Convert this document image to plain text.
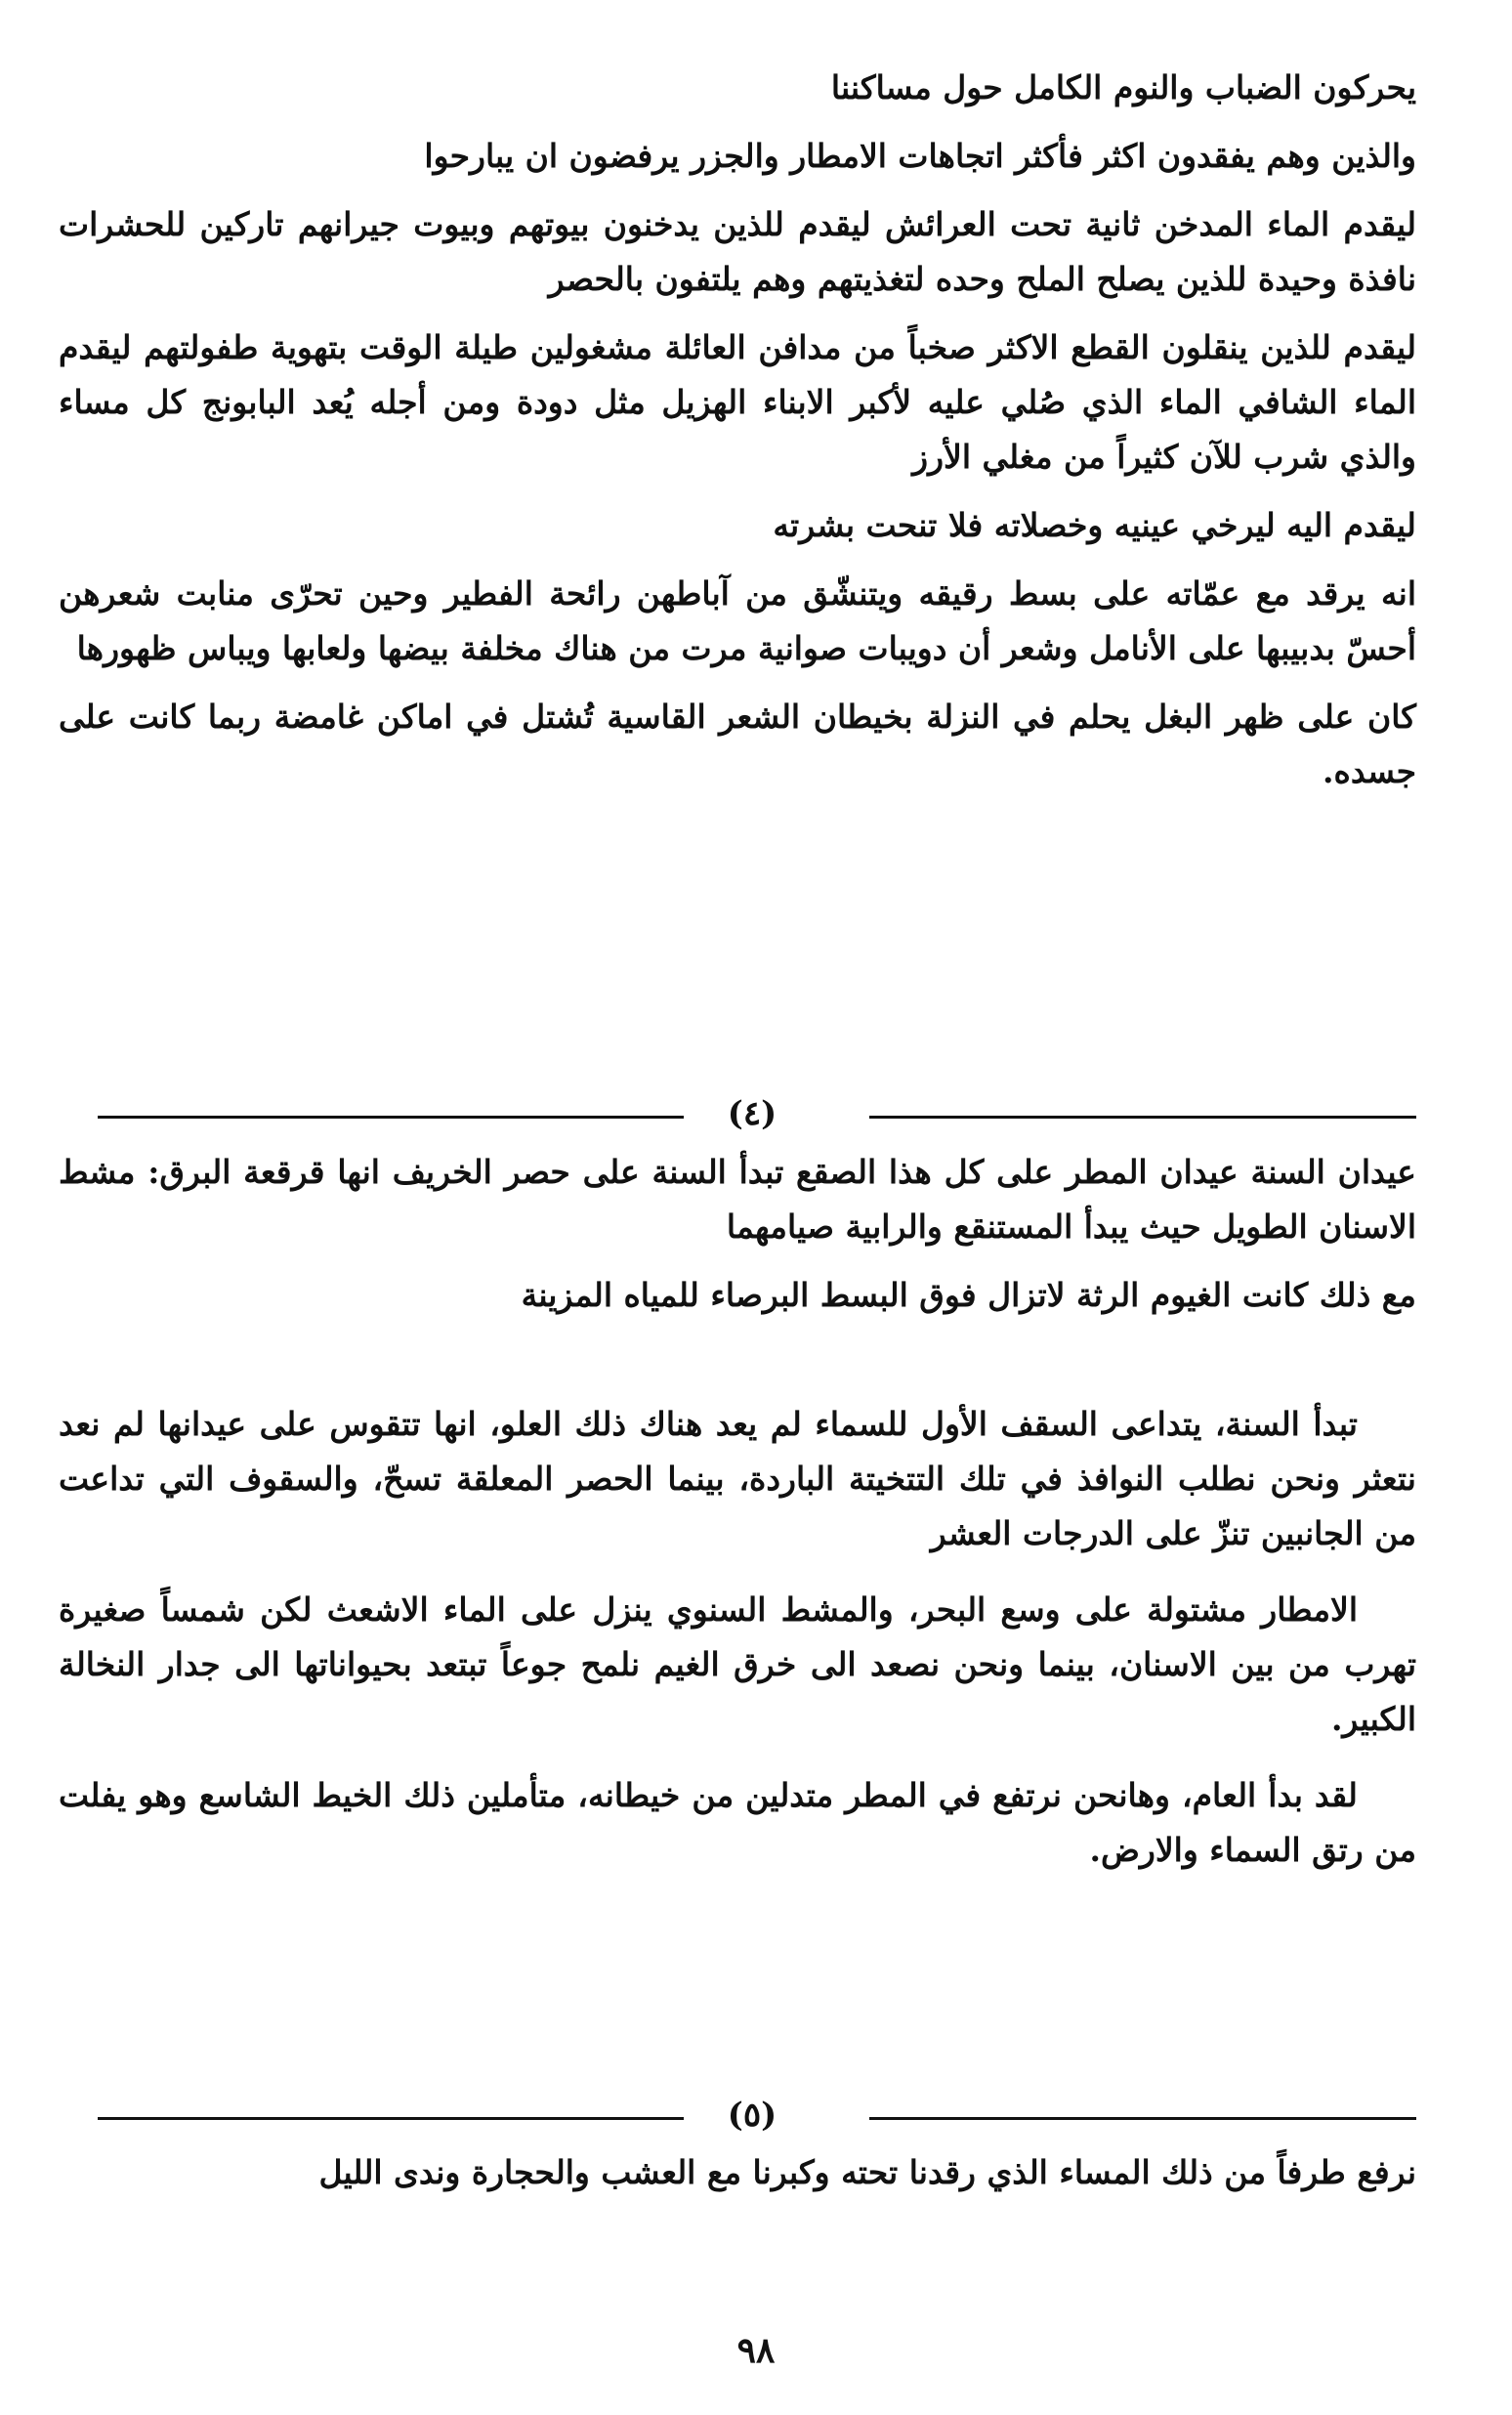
يحركون الضباب والنوم الكامل حول مساكننا

والذين وهم يفقدون اكثر فأكثر اتجاهات الامطار والجزر يرفضون ان يبارحوا

ليقدم الماء المدخن ثانية تحت العرائش ليقدم للذين يدخنون بيوتهم وبيوت جيرانهم تاركين للحشرات نافذة وحيدة للذين يصلح الملح وحده لتغذيتهم وهم يلتفون بالحصر

ليقدم للذين ينقلون القطع الاكثر صخباً من مدافن العائلة مشغولين طيلة الوقت بتهوية طفولتهم ليقدم الماء الشافي الماء الذي صُلي عليه لأكبر الابناء الهزيل مثل دودة ومن أجله يُعد البابونج كل مساء والذي شرب للآن كثيراً من مغلي الأرز

ليقدم اليه ليرخي عينيه وخصلاته فلا تنحت بشرته

انه يرقد مع عمّاته على بسط رقيقه ويتنشّق من آباطهن رائحة الفطير وحين تحرّى منابت شعرهن أحسّ بدبيبها على الأنامل وشعر أن دويبات صوانية مرت من هناك مخلفة بيضها ولعابها ويباس ظهورها

كان على ظهر البغل يحلم في النزلة بخيطان الشعر القاسية تُشتل في اماكن غامضة ربما كانت على جسده.

(٤)

عيدان السنة عيدان المطر على كل هذا الصقع تبدأ السنة على حصر الخريف انها قرقعة البرق: مشط الاسنان الطويل حيث يبدأ المستنقع والرابية صيامهما

مع ذلك كانت الغيوم الرثة لاتزال فوق البسط البرصاء للمياه المزينة

تبدأ السنة، يتداعى السقف الأول للسماء لم يعد هناك ذلك العلو، انها تتقوس على عيدانها لم نعد نتعثر ونحن نطلب النوافذ في تلك التتخيتة الباردة، بينما الحصر المعلقة تسحّ، والسقوف التي تداعت من الجانبين تنزّ على الدرجات العشر

الامطار مشتولة على وسع البحر، والمشط السنوي ينزل على الماء الاشعث لكن شمساً صغيرة تهرب من بين الاسنان، بينما ونحن نصعد الى خرق الغيم نلمح جوعاً تبتعد بحيواناتها الى جدار النخالة الكبير.

لقد بدأ العام، وهانحن نرتفع في المطر متدلين من خيطانه، متأملين ذلك الخيط الشاسع وهو يفلت من رتق السماء والارض.

(٥)

نرفع طرفاً من ذلك المساء الذي رقدنا تحته وكبرنا مع العشب والحجارة وندى الليل

٩٨
